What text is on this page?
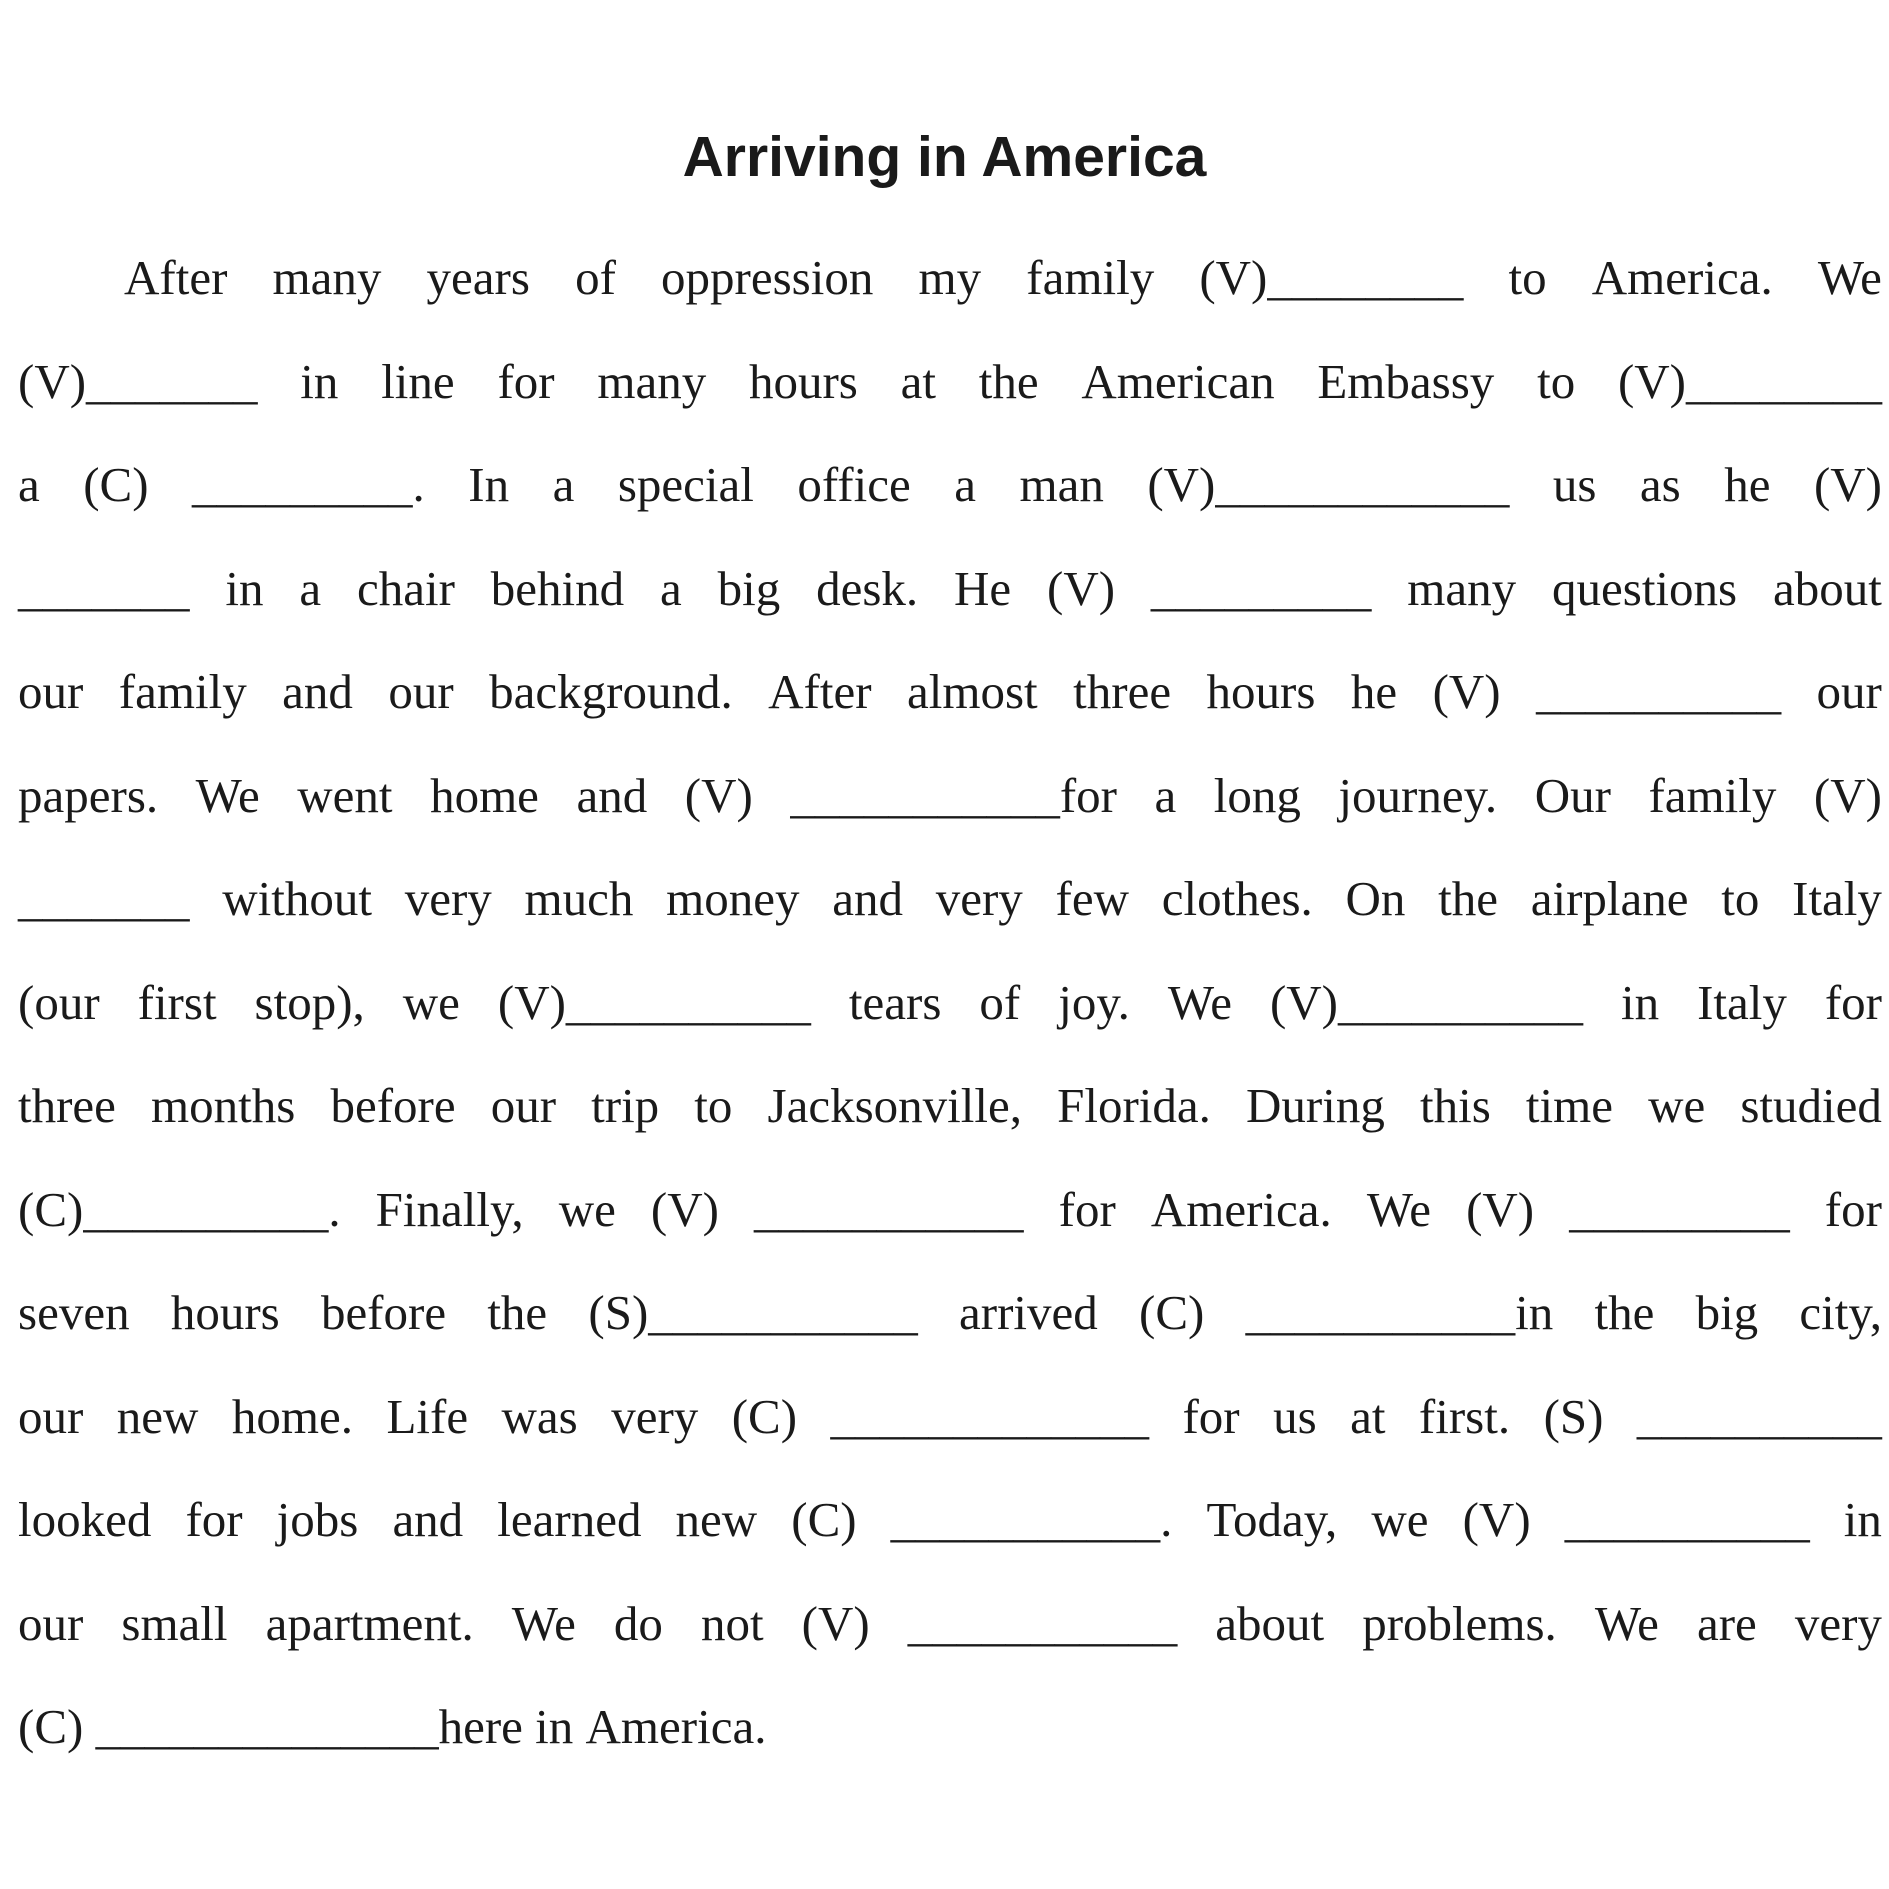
Arriving in America
After many years of oppression my family (V)________ to America. We
(V)_______ in line for many hours at the American Embassy to (V)________
a (C) _________. In a special office a man (V)____________ us as he (V)
_______ in a chair behind a big desk. He (V) _________ many questions about
our family and our background. After almost three hours he (V) __________ our
papers. We went home and (V) ___________for a long journey. Our family (V)
_______ without very much money and very few clothes. On the airplane to Italy
(our first stop), we (V)__________ tears of joy. We (V)__________ in Italy for
three months before our trip to Jacksonville, Florida. During this time we studied
(C)__________. Finally, we (V) ___________ for America. We (V) _________ for
seven hours before the (S)___________ arrived (C) ___________in the big city,
our new home. Life was very (C) _____________ for us at first. (S) __________
looked for jobs and learned new (C) ___________. Today, we (V) __________ in
our small apartment. We do not (V) ___________ about problems. We are very
(C) ______________here in America.
